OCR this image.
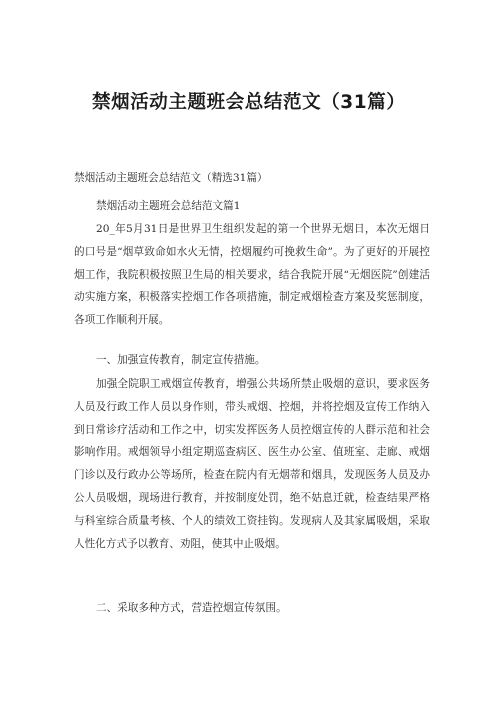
禁烟活动主题班会总结范文（31篇）
禁烟活动主题班会总结范文（精选31篇）
禁烟活动主题班会总结范文篇1

20_年5月31日是世界卫生组织发起的第一个世界无烟日，本次无烟日的口号是“烟草致命如水火无情，控烟履约可挽救生命”。为了更好的开展控烟工作，我院积极按照卫生局的相关要求，结合我院开展“无烟医院”创建活动实施方案，积极落实控烟工作各项措施，制定戒烟检查方案及奖惩制度，各项工作顺利开展。

一、加强宣传教育，制定宣传措施。

加强全院职工戒烟宣传教育，增强公共场所禁止吸烟的意识，要求医务人员及行政工作人员以身作则，带头戒烟、控烟，并将控烟及宣传工作纳入到日常诊疗活动和工作之中，切实发挥医务人员控烟宣传的人群示范和社会影响作用。戒烟领导小组定期巡查病区、医生办公室、值班室、走廊、戒烟门诊以及行政办公等场所，检查在院内有无烟蒂和烟具，发现医务人员及办公人员吸烟，现场进行教育，并按制度处罚，绝不姑息迁就，检查结果严格与科室综合质量考核、个人的绩效工资挂钩。发现病人及其家属吸烟，采取人性化方式予以教育、劝阻，使其中止吸烟。

二、采取多种方式，营造控烟宣传氛围。
